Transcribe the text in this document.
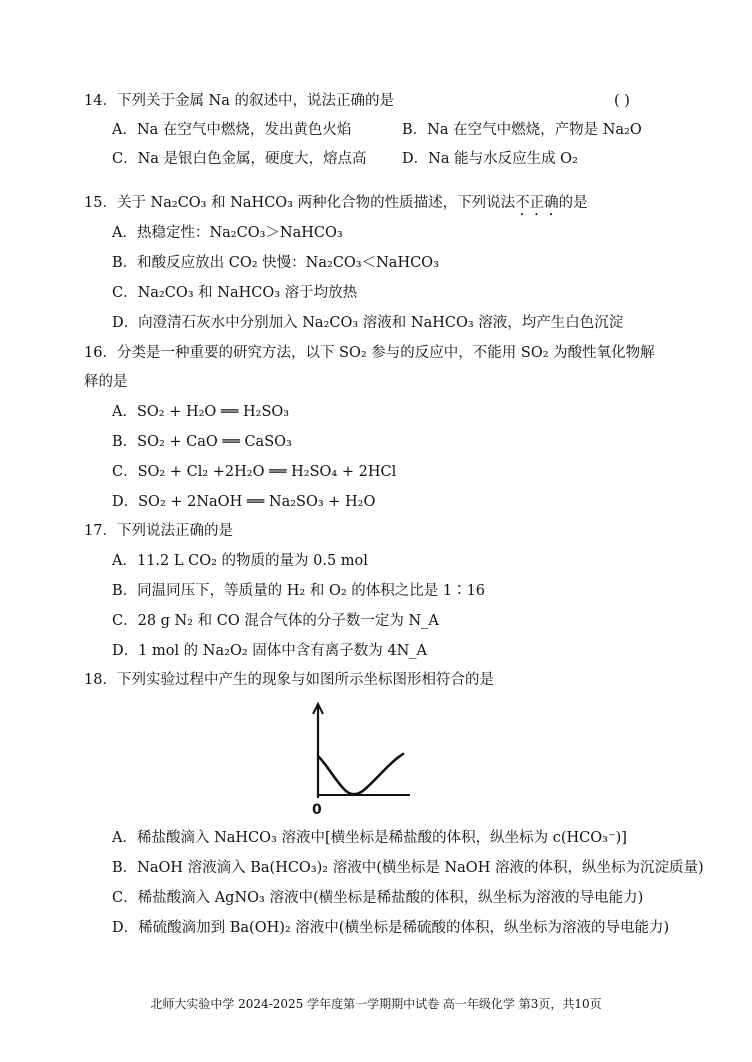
14．下列关于金属 Na 的叙述中，说法正确的是	( )
A．Na 在空气中燃烧，发出黄色火焰	B．Na 在空气中燃烧，产物是 Na₂O
C．Na 是银白色金属，硬度大，熔点高 D．Na 能与水反应生成 O₂
15．关于 Na₂CO₃ 和 NaHCO₃ 两种化合物的性质描述，下列说法不正确的是
A．热稳定性：Na₂CO₃＞NaHCO₃
B．和酸反应放出 CO₂ 快慢：Na₂CO₃＜NaHCO₃
C．Na₂CO₃ 和 NaHCO₃ 溶于均放热
D．向澄清石灰水中分别加入 Na₂CO₃ 溶液和 NaHCO₃ 溶液，均产生白色沉淀
16．分类是一种重要的研究方法，以下 SO₂ 参与的反应中，不能用 SO₂ 为酸性氧化物解
释的是
A．SO₂ + H₂O ══ H₂SO₃
B．SO₂ + CaO ══ CaSO₃
C．SO₂ + Cl₂ +2H₂O ══ H₂SO₄ + 2HCl
D．SO₂ + 2NaOH ══ Na₂SO₃ + H₂O
17．下列说法正确的是
A．11.2 L CO₂ 的物质的量为 0.5 mol
B．同温同压下，等质量的 H₂ 和 O₂ 的体积之比是 1∶16
C．28 g N₂ 和 CO 混合气体的分子数一定为 N_A
D．1 mol 的 Na₂O₂ 固体中含有离子数为 4N_A
18．下列实验过程中产生的现象与如图所示坐标图形相符合的是
0
A．稀盐酸滴入 NaHCO₃ 溶液中[横坐标是稀盐酸的体积，纵坐标为 c(HCO₃⁻)]
B．NaOH 溶液滴入 Ba(HCO₃)₂ 溶液中(横坐标是 NaOH 溶液的体积，纵坐标为沉淀质量)
C．稀盐酸滴入 AgNO₃ 溶液中(横坐标是稀盐酸的体积，纵坐标为溶液的导电能力)
D．稀硫酸滴加到 Ba(OH)₂ 溶液中(横坐标是稀硫酸的体积，纵坐标为溶液的导电能力)
北师大实验中学 2024-2025 学年度第一学期期中试卷 高一年级化学 第3页，共10页
